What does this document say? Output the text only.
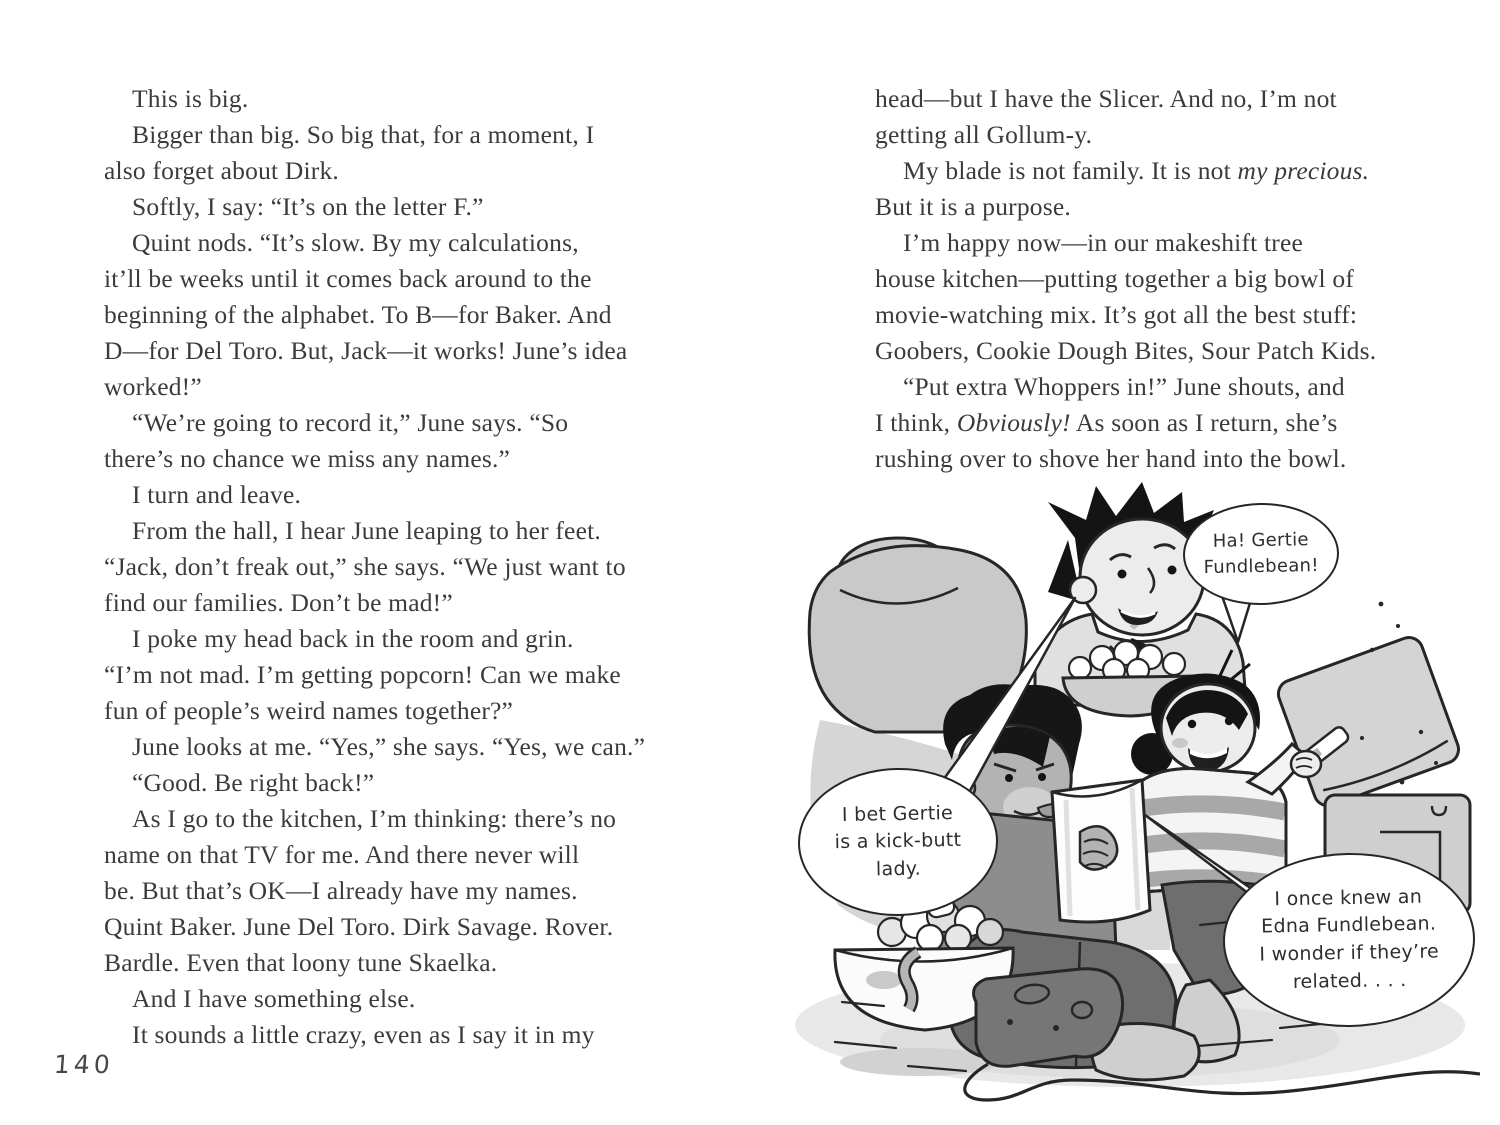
This is big.
Bigger than big. So big that, for a moment, I
also forget about Dirk.
Softly, I say: “It’s on the letter F.”
Quint nods. “It’s slow. By my calculations,
it’ll be weeks until it comes back around to the
beginning of the alphabet. To B—for Baker. And
D—for Del Toro. But, Jack—it works! June’s idea
worked!”
“We’re going to record it,” June says. “So
there’s no chance we miss any names.”
I turn and leave.
From the hall, I hear June leaping to her feet.
“Jack, don’t freak out,” she says. “We just want to
find our families. Don’t be mad!”
I poke my head back in the room and grin.
“I’m not mad. I’m getting popcorn! Can we make
fun of people’s weird names together?”
June looks at me. “Yes,” she says. “Yes, we can.”
“Good. Be right back!”
As I go to the kitchen, I’m thinking: there’s no
name on that TV for me. And there never will
be. But that’s OK—I already have my names.
Quint Baker. June Del Toro. Dirk Savage. Rover.
Bardle. Even that loony tune Skaelka.
And I have something else.
It sounds a little crazy, even as I say it in my
140
head—but I have the Slicer. And no, I’m not
getting all Gollum-y.
My blade is not family. It is not my precious.
But it is a purpose.
I’m happy now—in our makeshift tree
house kitchen—putting together a big bowl of
movie-watching mix. It’s got all the best stuff:
Goobers, Cookie Dough Bites, Sour Patch Kids.
“Put extra Whoppers in!” June shouts, and
I think, Obviously! As soon as I return, she’s
rushing over to shove her hand into the bowl.
Ha! Gertie
Fundlebean!
I bet Gertie
is a kick-butt
lady.
I once knew an
Edna Fundlebean.
I wonder if they’re
related. . . .
